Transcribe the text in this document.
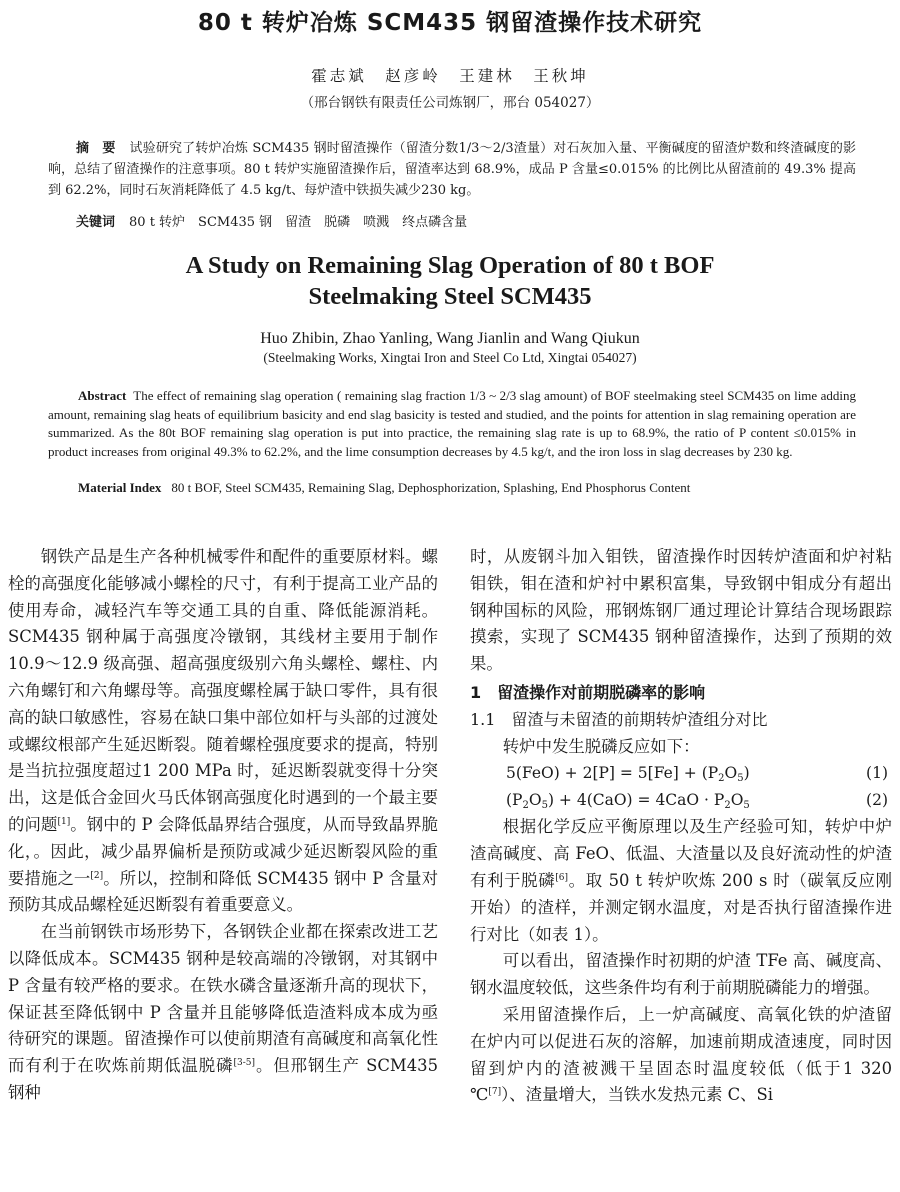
80 t 转炉冶炼 SCM435 钢留渣操作技术研究
霍志斌　赵彦岭　王建林　王秋坤
（邢台钢铁有限责任公司炼钢厂，邢台 054027）
摘　要 试验研究了转炉冶炼 SCM435 钢时留渣操作（留渣分数1/3～2/3渣量）对石灰加入量、平衡碱度的留渣炉数和终渣碱度的影响，总结了留渣操作的注意事项。80 t 转炉实施留渣操作后，留渣率达到 68.9%，成品 P 含量≤0.015% 的比例比从留渣前的 49.3% 提高到 62.2%，同时石灰消耗降低了 4.5 kg/t、每炉渣中铁损失减少230 kg。
关键词 80 t 转炉　SCM435 钢　留渣　脱磷　喷溅　终点磷含量
A Study on Remaining Slag Operation of 80 t BOF
Steelmaking Steel SCM435
Huo Zhibin, Zhao Yanling, Wang Jianlin and Wang Qiukun
(Steelmaking Works, Xingtai Iron and Steel Co Ltd, Xingtai 054027)
Abstract The effect of remaining slag operation ( remaining slag fraction 1/3 ~ 2/3 slag amount) of BOF steelmaking steel SCM435 on lime adding amount, remaining slag heats of equilibrium basicity and end slag basicity is tested and studied, and the points for attention in slag remaining operation are summarized. As the 80t BOF remaining slag operation is put into practice, the remaining slag rate is up to 68.9%, the ratio of P content ≤0.015% in product increases from original 49.3% to 62.2%, and the lime consumption decreases by 4.5 kg/t, and the iron loss in slag decreases by 230 kg.
Material Index 80 t BOF, Steel SCM435, Remaining Slag, Dephosphorization, Splashing, End Phosphorus Content

钢铁产品是生产各种机械零件和配件的重要原材料。螺栓的高强度化能够减小螺栓的尺寸，有利于提高工业产品的使用寿命，减轻汽车等交通工具的自重、降低能源消耗。SCM435 钢种属于高强度冷镦钢，其线材主要用于制作 10.9～12.9 级高强、超高强度级别六角头螺栓、螺柱、内六角螺钉和六角螺母等。高强度螺栓属于缺口零件，具有很高的缺口敏感性，容易在缺口集中部位如杆与头部的过渡处或螺纹根部产生延迟断裂。随着螺栓强度要求的提高，特别是当抗拉强度超过1 200 MPa 时，延迟断裂就变得十分突出，这是低合金回火马氏体钢高强度化时遇到的一个最主要的问题[1]。钢中的 P 会降低晶界结合强度，从而导致晶界脆化，。因此，减少晶界偏析是预防或减少延迟断裂风险的重要措施之一[2]。所以，控制和降低 SCM435 钢中 P 含量对预防其成品螺栓延迟断裂有着重要意义。

在当前钢铁市场形势下，各钢铁企业都在探索改进工艺以降低成本。SCM435 钢种是较高端的冷镦钢，对其钢中 P 含量有较严格的要求。在铁水磷含量逐渐升高的现状下，保证甚至降低钢中 P 含量并且能够降低造渣料成本成为亟待研究的课题。留渣操作可以使前期渣有高碱度和高氧化性而有利于在吹炼前期低温脱磷[3-5]。但邢钢生产 SCM435 钢种

时，从废钢斗加入钼铁，留渣操作时因转炉渣面和炉衬粘钼铁，钼在渣和炉衬中累积富集，导致钢中钼成分有超出钢种国标的风险，邢钢炼钢厂通过理论计算结合现场跟踪摸索，实现了 SCM435 钢种留渣操作，达到了预期的效果。

1　留渣操作对前期脱磷率的影响

1.1　留渣与未留渣的前期转炉渣组分对比

转炉中发生脱磷反应如下：

$5(FeO) + 2[P] = 5[Fe] + (P_2O_5)$	(1)
$(P_2O_5) + 4(CaO) = 4CaO \cdot P_2O_5$	(2)

根据化学反应平衡原理以及生产经验可知，转炉中炉渣高碱度、高 FeO、低温、大渣量以及良好流动性的炉渣有利于脱磷[6]。取 50 t 转炉吹炼 200 s 时（碳氧反应刚开始）的渣样，并测定钢水温度，对是否执行留渣操作进行对比（如表 1）。

可以看出，留渣操作时初期的炉渣 TFe 高、碱度高、钢水温度较低，这些条件均有利于前期脱磷能力的增强。

采用留渣操作后，上一炉高碱度、高氧化铁的炉渣留在炉内可以促进石灰的溶解，加速前期成渣速度，同时因留到炉内的渣被溅干呈固态时温度较低（低于1 320 ℃[7]）、渣量增大，当铁水发热元素 C、Si
